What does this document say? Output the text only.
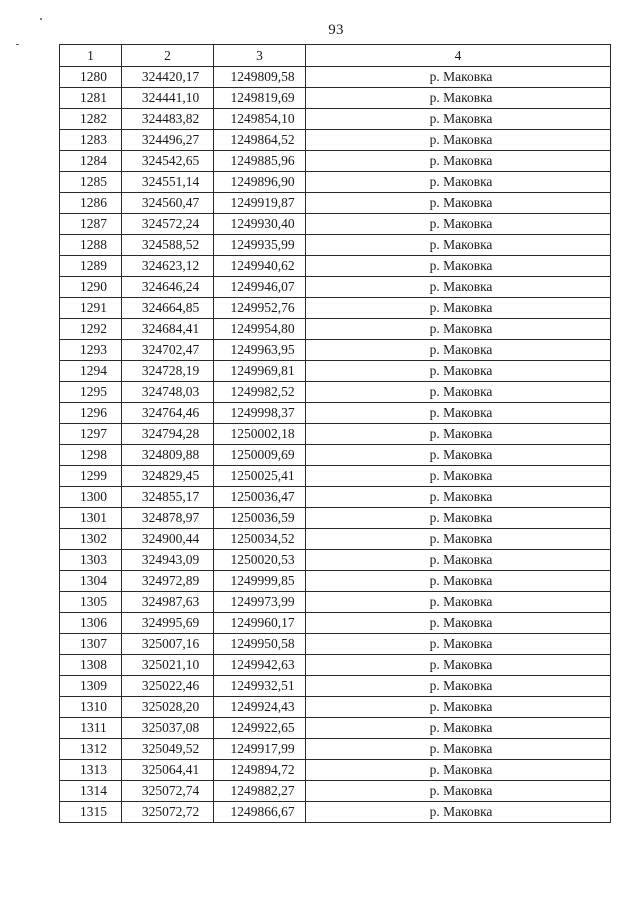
93
1	2	3	4
1280	324420,17	1249809,58	р. Маковка
1281	324441,10	1249819,69	р. Маковка
1282	324483,82	1249854,10	р. Маковка
1283	324496,27	1249864,52	р. Маковка
1284	324542,65	1249885,96	р. Маковка
1285	324551,14	1249896,90	р. Маковка
1286	324560,47	1249919,87	р. Маковка
1287	324572,24	1249930,40	р. Маковка
1288	324588,52	1249935,99	р. Маковка
1289	324623,12	1249940,62	р. Маковка
1290	324646,24	1249946,07	р. Маковка
1291	324664,85	1249952,76	р. Маковка
1292	324684,41	1249954,80	р. Маковка
1293	324702,47	1249963,95	р. Маковка
1294	324728,19	1249969,81	р. Маковка
1295	324748,03	1249982,52	р. Маковка
1296	324764,46	1249998,37	р. Маковка
1297	324794,28	1250002,18	р. Маковка
1298	324809,88	1250009,69	р. Маковка
1299	324829,45	1250025,41	р. Маковка
1300	324855,17	1250036,47	р. Маковка
1301	324878,97	1250036,59	р. Маковка
1302	324900,44	1250034,52	р. Маковка
1303	324943,09	1250020,53	р. Маковка
1304	324972,89	1249999,85	р. Маковка
1305	324987,63	1249973,99	р. Маковка
1306	324995,69	1249960,17	р. Маковка
1307	325007,16	1249950,58	р. Маковка
1308	325021,10	1249942,63	р. Маковка
1309	325022,46	1249932,51	р. Маковка
1310	325028,20	1249924,43	р. Маковка
1311	325037,08	1249922,65	р. Маковка
1312	325049,52	1249917,99	р. Маковка
1313	325064,41	1249894,72	р. Маковка
1314	325072,74	1249882,27	р. Маковка
1315	325072,72	1249866,67	р. Маковка
